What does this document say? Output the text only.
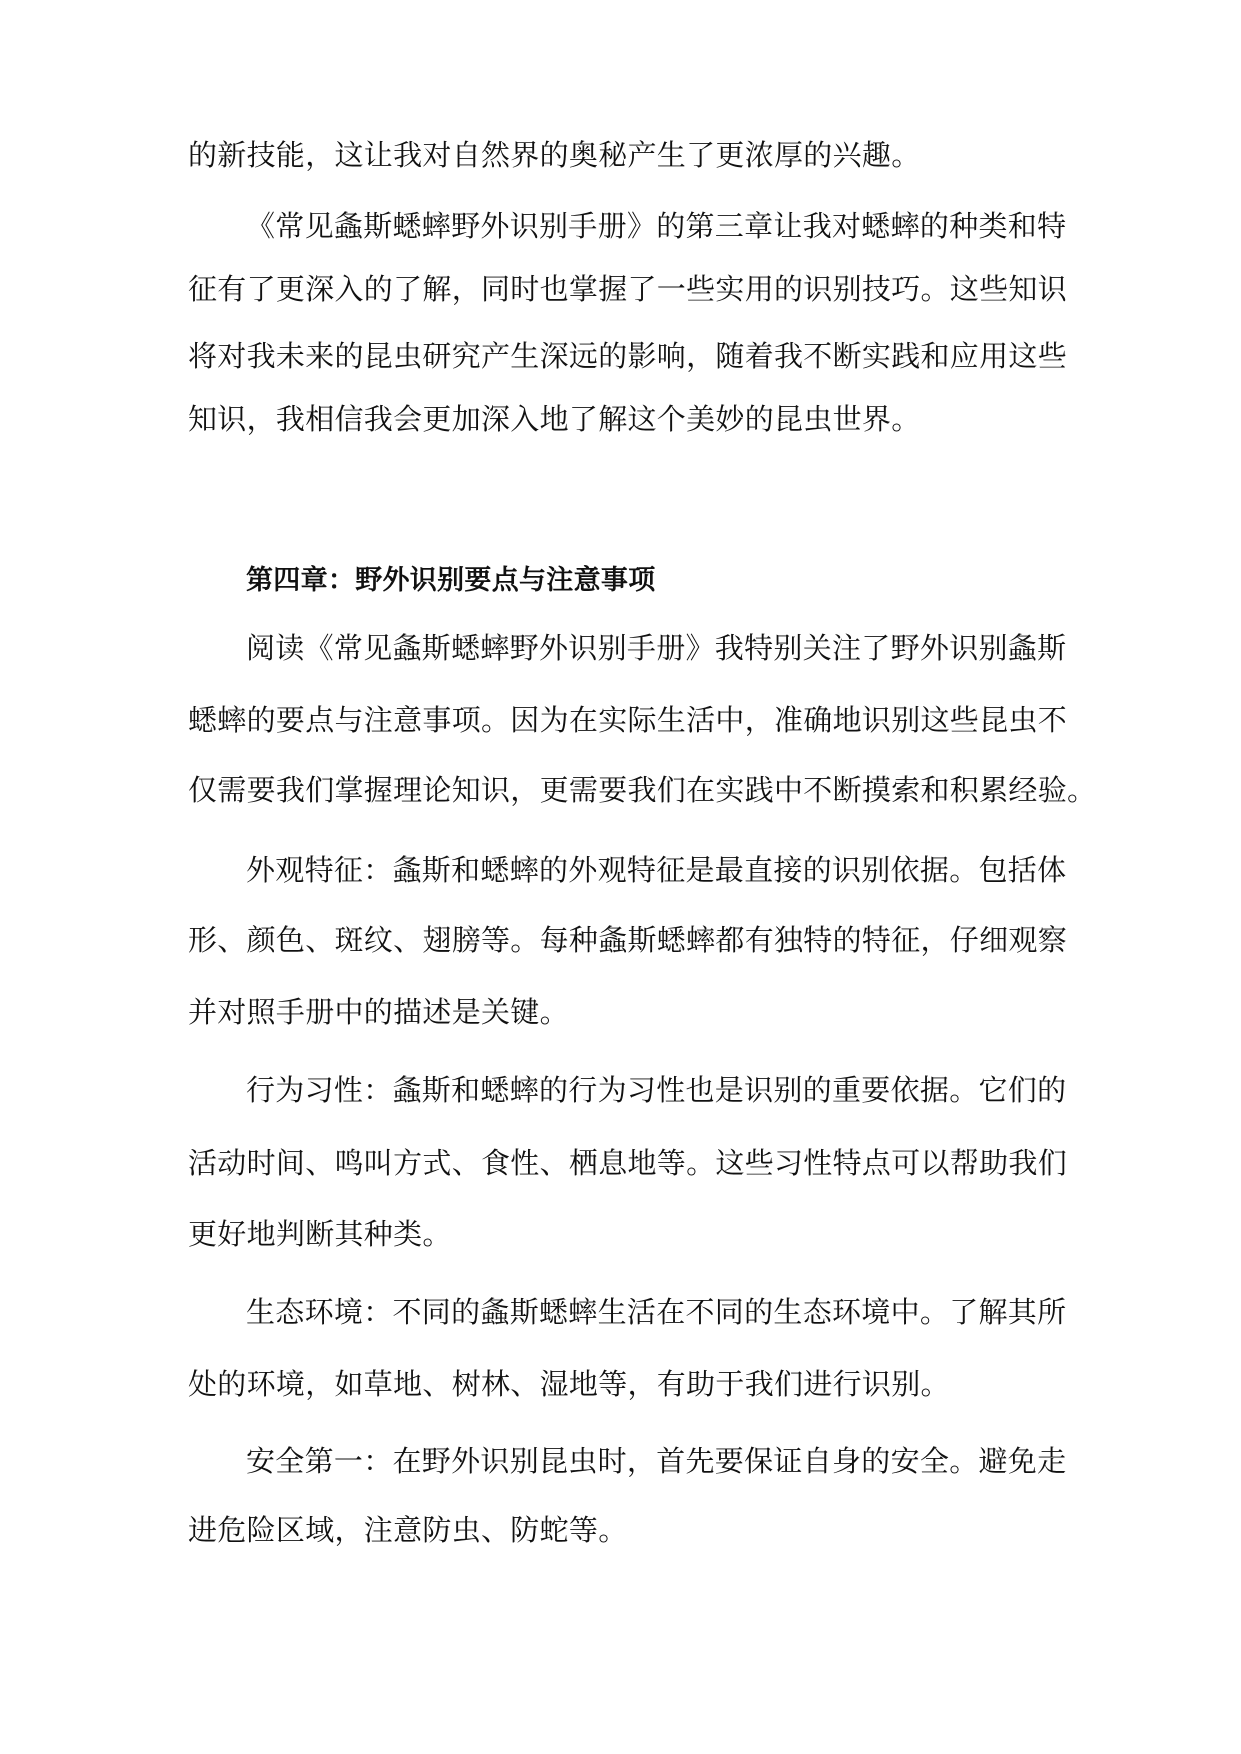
的新技能，这让我对自然界的奥秘产生了更浓厚的兴趣。
《常见螽斯蟋蟀野外识别手册》的第三章让我对蟋蟀的种类和特
征有了更深入的了解，同时也掌握了一些实用的识别技巧。这些知识
将对我未来的昆虫研究产生深远的影响，随着我不断实践和应用这些
知识，我相信我会更加深入地了解这个美妙的昆虫世界。
第四章：野外识别要点与注意事项
阅读《常见螽斯蟋蟀野外识别手册》我特别关注了野外识别螽斯
蟋蟀的要点与注意事项。因为在实际生活中，准确地识别这些昆虫不
仅需要我们掌握理论知识，更需要我们在实践中不断摸索和积累经验。
外观特征：螽斯和蟋蟀的外观特征是最直接的识别依据。包括体
形、颜色、斑纹、翅膀等。每种螽斯蟋蟀都有独特的特征，仔细观察
并对照手册中的描述是关键。
行为习性：螽斯和蟋蟀的行为习性也是识别的重要依据。它们的
活动时间、鸣叫方式、食性、栖息地等。这些习性特点可以帮助我们
更好地判断其种类。
生态环境：不同的螽斯蟋蟀生活在不同的生态环境中。了解其所
处的环境，如草地、树林、湿地等，有助于我们进行识别。
安全第一：在野外识别昆虫时，首先要保证自身的安全。避免走
进危险区域，注意防虫、防蛇等。
